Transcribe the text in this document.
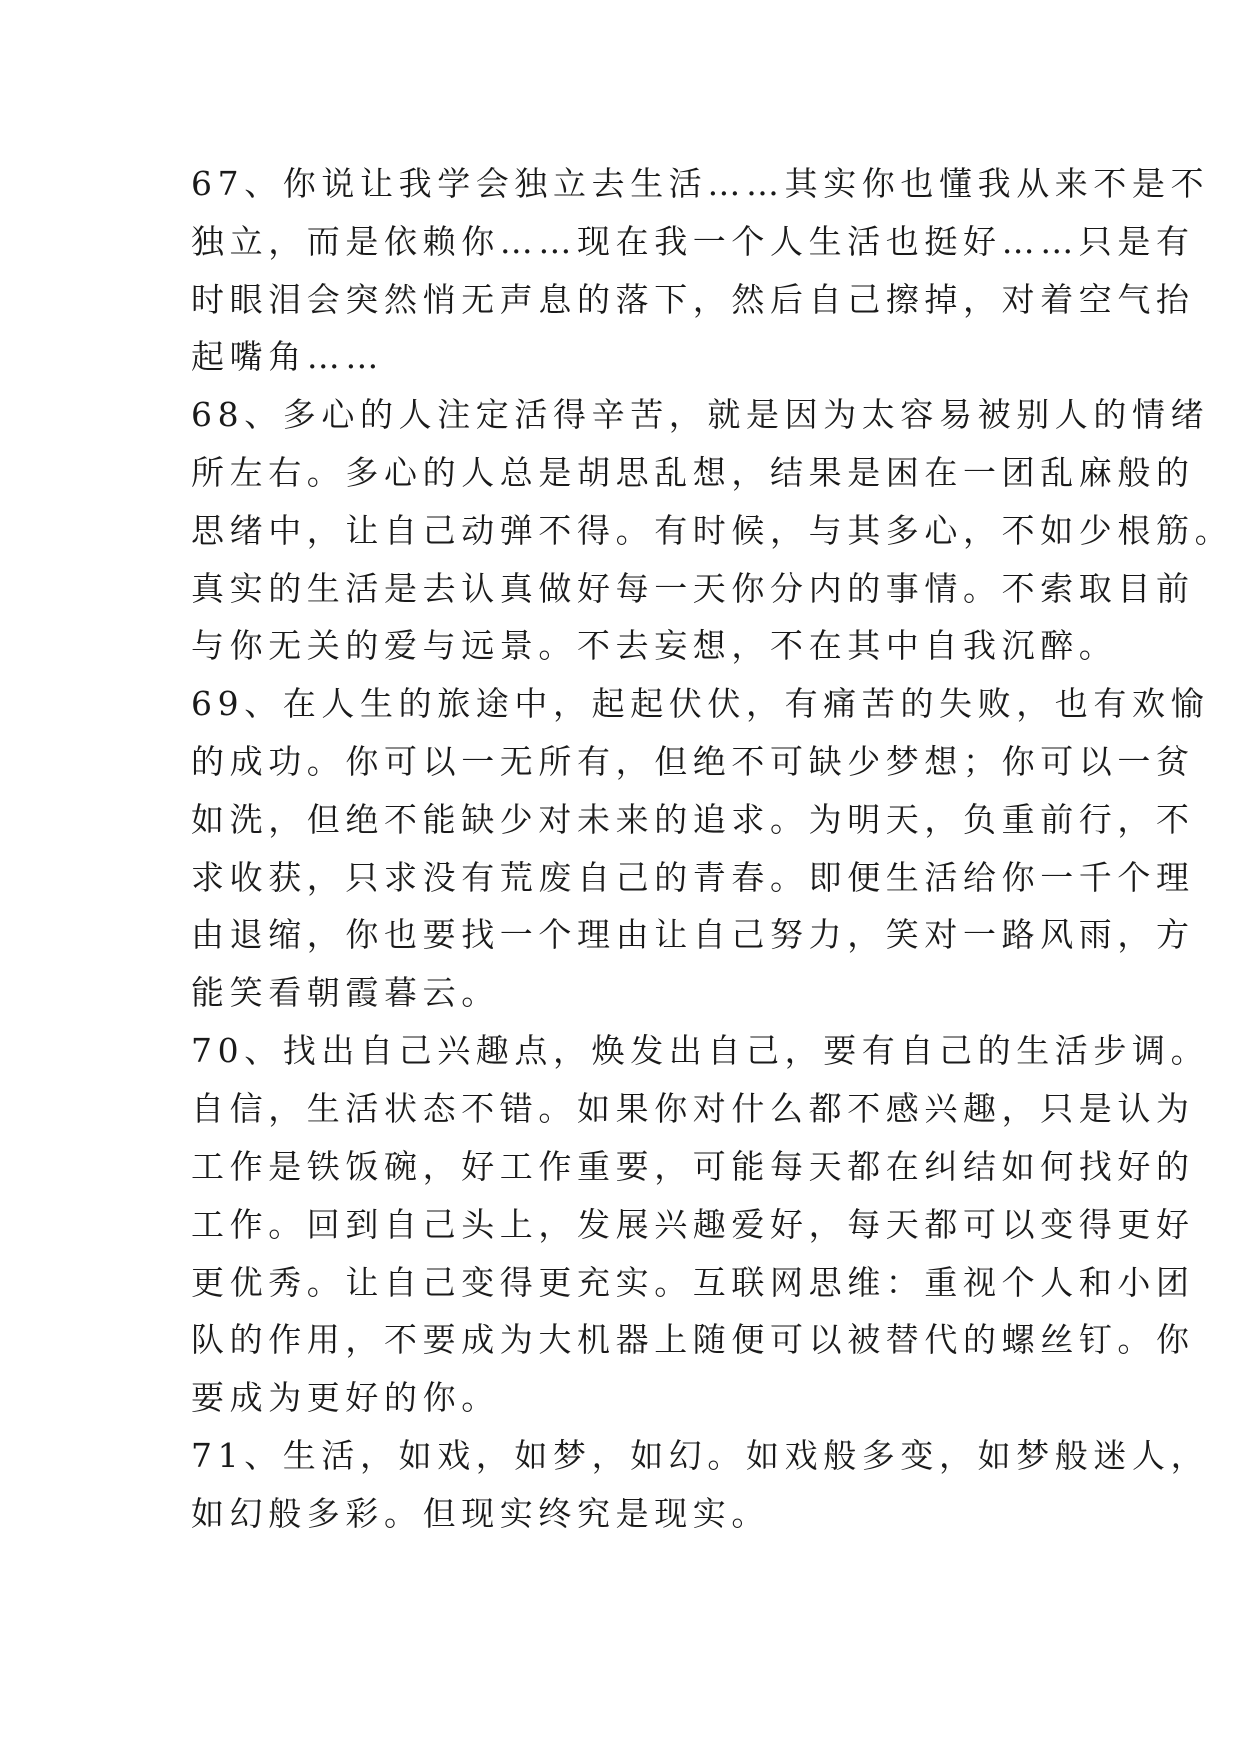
67、你说让我学会独立去生活……其实你也懂我从来不是不

独立，而是依赖你……现在我一个人生活也挺好……只是有

时眼泪会突然悄无声息的落下，然后自己擦掉，对着空气抬

起嘴角……

68、多心的人注定活得辛苦，就是因为太容易被别人的情绪

所左右。多心的人总是胡思乱想，结果是困在一团乱麻般的

思绪中，让自己动弹不得。有时候，与其多心，不如少根筋。

真实的生活是去认真做好每一天你分内的事情。不索取目前

与你无关的爱与远景。不去妄想，不在其中自我沉醉。

69、在人生的旅途中，起起伏伏，有痛苦的失败，也有欢愉

的成功。你可以一无所有，但绝不可缺少梦想；你可以一贫

如洗，但绝不能缺少对未来的追求。为明天，负重前行，不

求收获，只求没有荒废自己的青春。即便生活给你一千个理

由退缩，你也要找一个理由让自己努力，笑对一路风雨，方

能笑看朝霞暮云。

70、找出自己兴趣点，焕发出自己，要有自己的生活步调。

自信，生活状态不错。如果你对什么都不感兴趣，只是认为

工作是铁饭碗，好工作重要，可能每天都在纠结如何找好的

工作。回到自己头上，发展兴趣爱好，每天都可以变得更好

更优秀。让自己变得更充实。互联网思维：重视个人和小团

队的作用，不要成为大机器上随便可以被替代的螺丝钉。你

要成为更好的你。

71、生活，如戏，如梦，如幻。如戏般多变，如梦般迷人，

如幻般多彩。但现实终究是现实。
